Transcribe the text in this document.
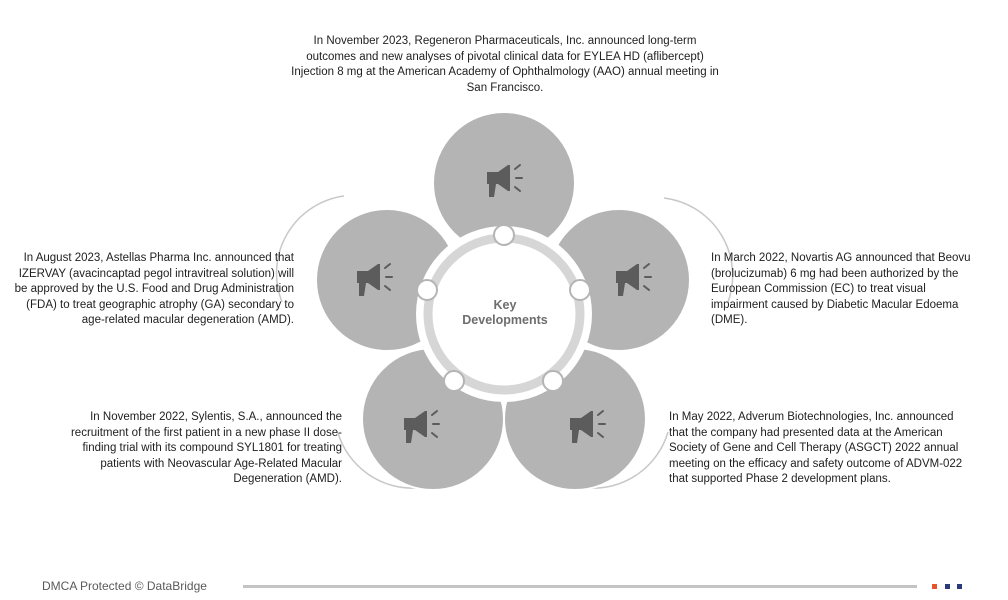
Key
Developments
In November 2023, Regeneron Pharmaceuticals, Inc. announced long-term outcomes and new analyses of pivotal clinical data for EYLEA HD (aflibercept) Injection 8 mg at the American Academy of Ophthalmology (AAO) annual meeting in San Francisco.
In August 2023, Astellas Pharma Inc. announced that IZERVAY (avacincaptad pegol intravitreal solution) will be approved by the U.S. Food and Drug Administration (FDA) to treat geographic atrophy (GA) secondary to age-related macular degeneration (AMD).
In March 2022, Novartis AG announced that Beovu (brolucizumab) 6 mg had been authorized by the European Commission (EC) to treat visual impairment caused by Diabetic Macular Edoema (DME).
In November 2022, Sylentis, S.A., announced the recruitment of the first patient in a new phase II dose-finding trial with its compound SYL1801 for treating patients with Neovascular Age-Related Macular Degeneration (AMD).
In May 2022, Adverum Biotechnologies, Inc. announced that the company had presented data at the American Society of Gene and Cell Therapy (ASGCT) 2022 annual meeting on the efficacy and safety outcome of ADVM-022 that supported Phase 2 development plans.
DMCA Protected © DataBridge
